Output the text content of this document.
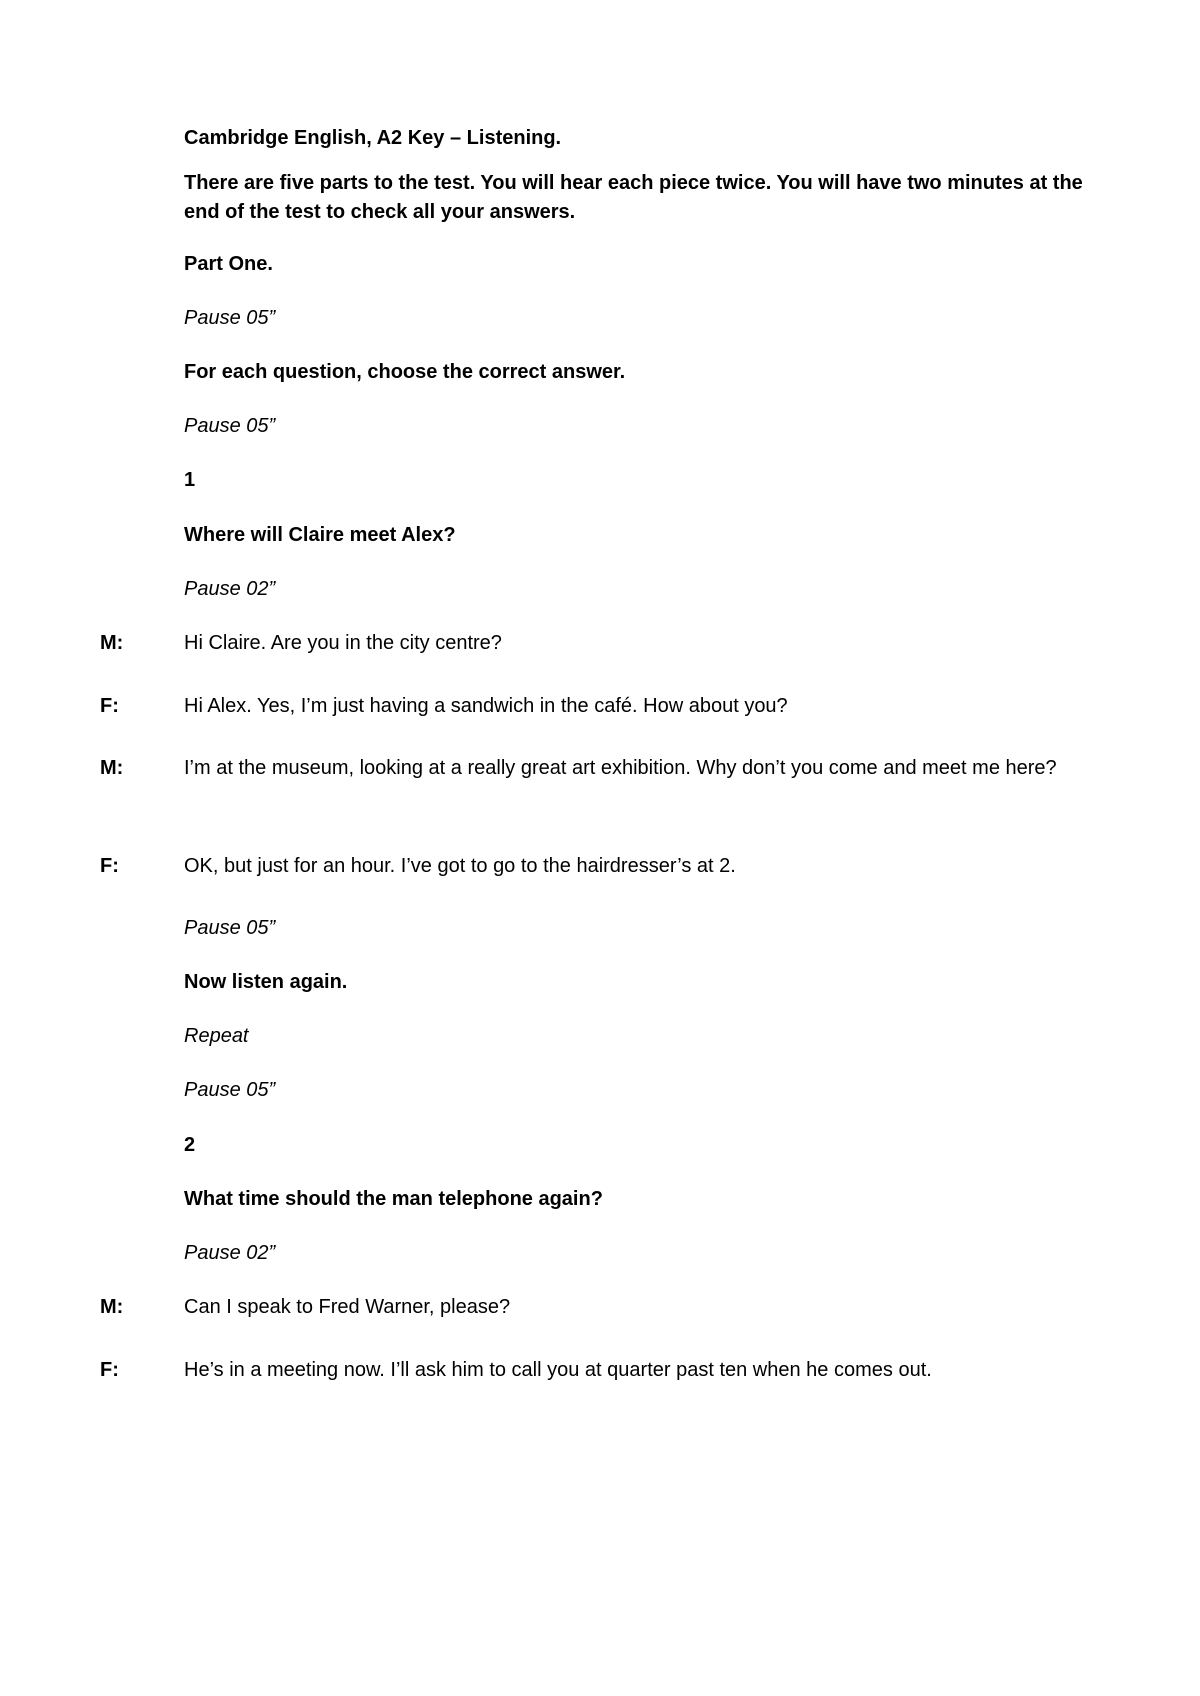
Cambridge English, A2 Key – Listening.
There are five parts to the test. You will hear each piece twice. You will have two minutes at the end of the test to check all your answers.
Part One.
Pause 05”
For each question, choose the correct answer.
Pause 05”
1
Where will Claire meet Alex?
Pause 02”
M:	Hi Claire. Are you in the city centre?
F:	Hi Alex. Yes, I’m just having a sandwich in the café. How about you?
M:	I’m at the museum, looking at a really great art exhibition. Why don’t you come and meet me here?
F:	OK, but just for an hour. I’ve got to go to the hairdresser’s at 2.
Pause 05”
Now listen again.
Repeat
Pause 05”
2
What time should the man telephone again?
Pause 02”
M:	Can I speak to Fred Warner, please?
F:	He’s in a meeting now. I’ll ask him to call you at quarter past ten when he comes out.
